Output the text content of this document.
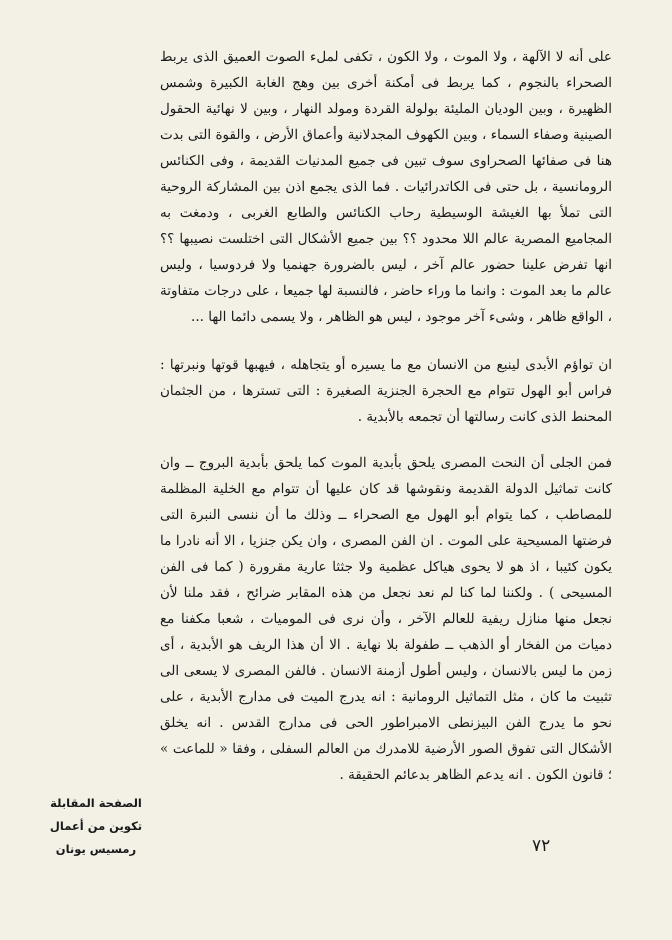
على أنه لا الآلهة ، ولا الموت ، ولا الكون ، تكفى لملء الصوت العميق الذى يربط الصحراء بالنجوم ، كما يربط فى أمكنة أخرى بين وهج الغابة الكبيرة وشمس الظهيرة ، وبين الوديان المليئة بولولة القردة ومولد النهار ، وبين لا نهائية الحقول الصينية وصفاء السماء ، وبين الكهوف المجدلانية وأعماق الأرض ، والقوة التى بدت هنا فى صفائها الصحراوى سوف تبين فى جميع المدنيات القديمة ، وفى الكنائس الرومانسية ، بل حتى فى الكاتدرائيات . فما الذى يجمع اذن بين المشاركة الروحية التى تملأ بها الغيشة الوسيطية رحاب الكنائس والطابع الغربى ، ودمغت به المجاميع المصرية عالم اللا محدود ؟؟ بين جميع الأشكال التى اختلست نصيبها ؟؟ انها تفرض علينا حضور عالم آخر ، ليس بالضرورة جهنميا ولا فردوسيا ، وليس عالم ما بعد الموت : وانما ما وراء حاضر ، فالنسبة لها جميعا ، على درجات متفاوتة ، الواقع ظاهر ، وشىء آخر موجود ، ليس هو الظاهر ، ولا يسمى دائما الها ...

ان تواؤم الأبدى لينبع من الانسان مع ما يسيره أو يتجاهله ، فيهبها قوتها ونبرتها : فراس أبو الهول تتوام مع الحجرة الجنزية الصغيرة : التى تسترها ، من الجثمان المحنط الذى كانت رسالتها أن تجمعه بالأبدية .

فمن الجلى أن النحت المصرى يلحق بأبدية الموت كما يلحق بأبدية البروج ــ وان كانت تماثيل الدولة القديمة ونقوشها قد كان عليها أن تتوام مع الخلية المظلمة للمصاطب ، كما يتوام أبو الهول مع الصحراء ــ وذلك ما أن ننسى النبرة التى فرضتها المسيحية على الموت . ان الفن المصرى ، وان يكن جنزيا ، الا أنه نادرا ما يكون كئيبا ، اذ هو لا يحوى هياكل عظمية ولا جثثا عارية مقرورة ( كما فى الفن المسيحى ) . ولكننا لما كنا لم نعد نجعل من هذه المقابر ضرائح ، فقد ملنا لأن نجعل منها منازل ريفية للعالم الآخر ، وأن نرى فى الموميات ، شعبا مكفنا مع دميات من الفخار أو الذهب ــ طفولة بلا نهاية . الا أن هذا الريف هو الأبدية ، أى زمن ما ليس بالانسان ، وليس أطول أزمنة الانسان . فالفن المصرى لا يسعى الى تثبيت ما كان ، مثل التماثيل الرومانية : انه يدرج الميت فى مدارج الأبدية ، على نحو ما يدرج الفن البيزنطى الامبراطور الحى فى مدارج القدس . انه يخلق الأشكال التى تفوق الصور الأرضية للامدرك من العالم السفلى ، وفقا « للماعت » ؛ قانون الكون . انه يدعم الظاهر بدعائم الحقيقة .

الصفحة المقابلة
تكوين من أعمال
رمسيس يونان	٧٢
